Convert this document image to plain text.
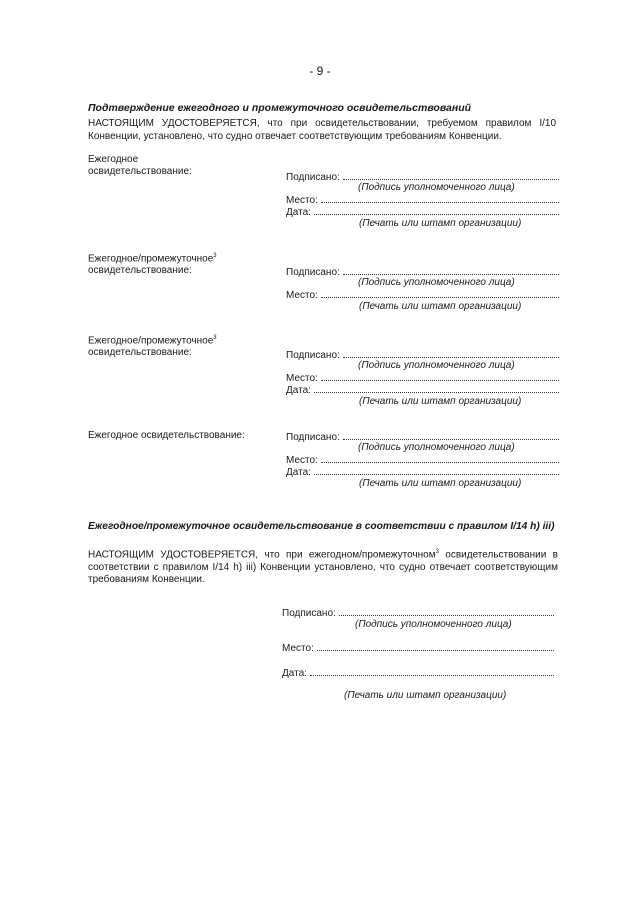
- 9 -
Подтверждение ежегодного и промежуточного освидетельствований
НАСТОЯЩИМ УДОСТОВЕРЯЕТСЯ, что при освидетельствовании, требуемом правилом I/10 Конвенции, установлено, что судно отвечает соответствующим требованиям Конвенции.
Ежегодное
освидетельствование:
Подписано:
(Подпись уполномоченного лица)
Место:
Дата:
(Печать или штамп организации)
Ежегодное/промежуточное$^3$
освидетельствование:	Подписано:
(Подпись уполномоченного лица)
Место:
(Печать или штамп организации)
Ежегодное/промежуточное$^3$
освидетельствование:	Подписано:
(Подпись уполномоченного лица)
Место:
Дата:
(Печать или штамп организации)
Ежегодное освидетельствование:	Подписано:
(Подпись уполномоченного лица)
Место:
Дата:
(Печать или штамп организации)
Ежегодное/промежуточное освидетельствование в соответствии с правилом I/14 h) iii)
НАСТОЯЩИМ УДОСТОВЕРЯЕТСЯ, что при ежегодном/промежуточном$^3$ освидетельствовании в соответствии с правилом I/14 h) iii) Конвенции установлено, что судно отвечает соответствующим требованиям Конвенции.
Подписано:
(Подпись уполномоченного лица)
Место:
Дата:
(Печать или штамп организации)
